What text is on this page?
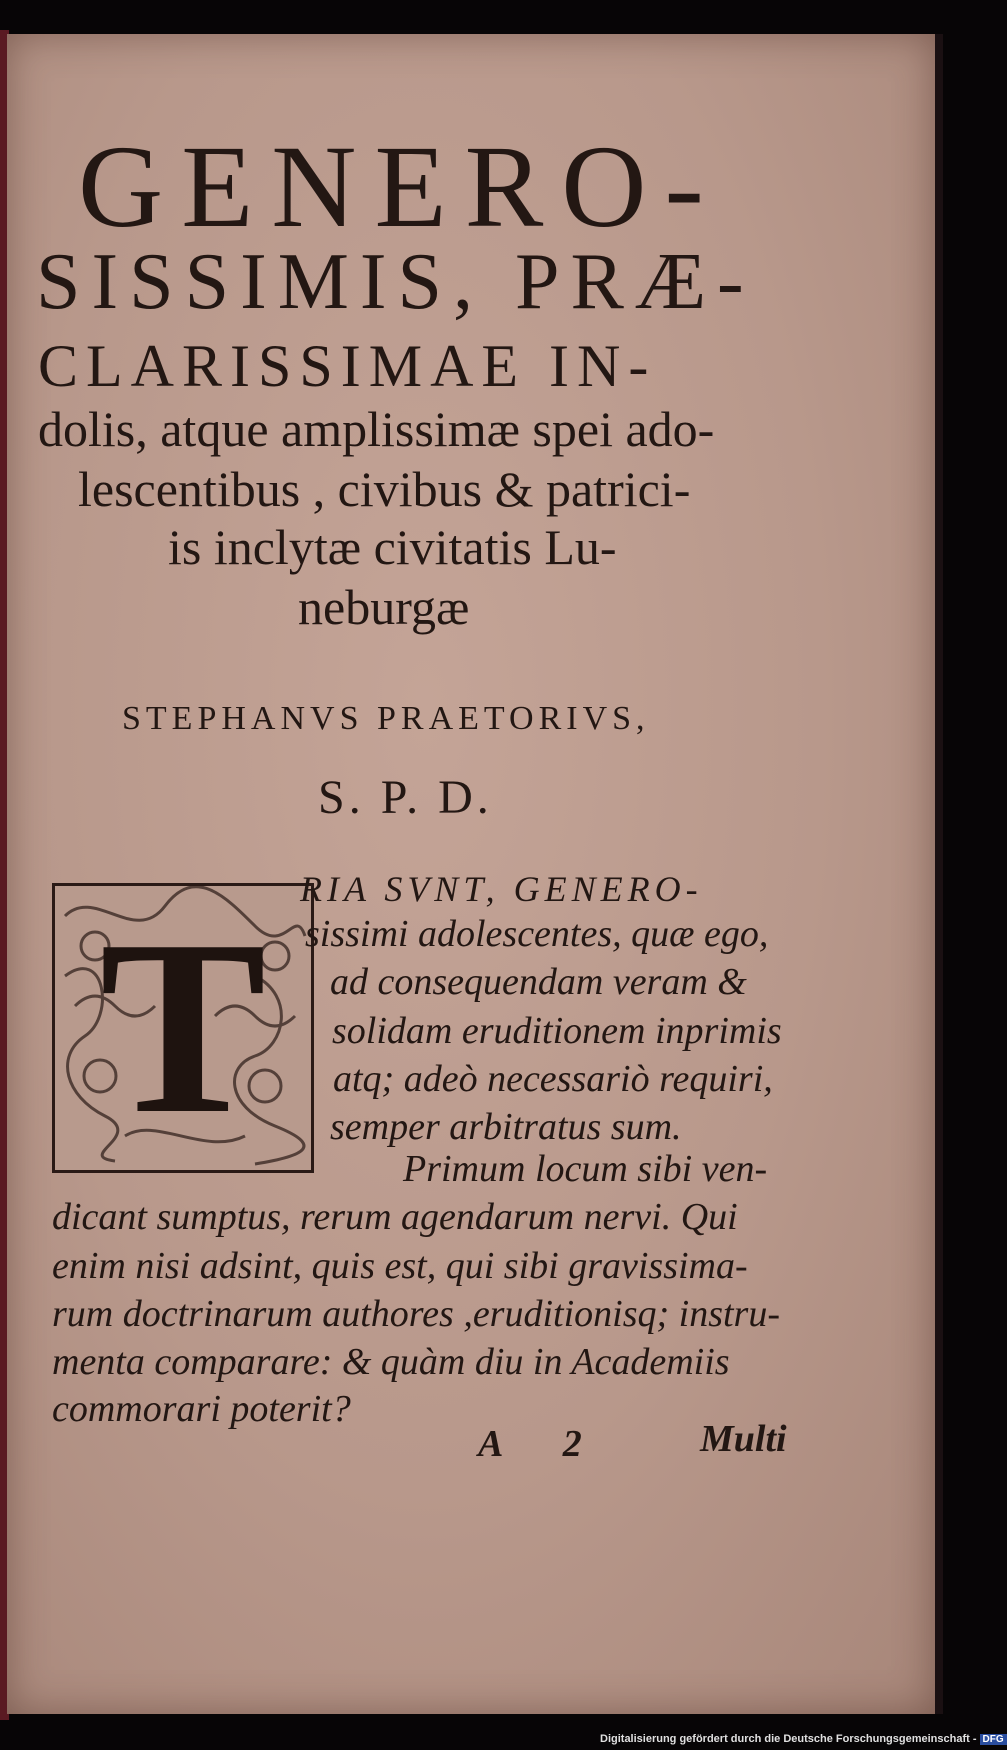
GENERO-
SISSIMIS, PRÆ-
CLARISSIMAE IN-
dolis, atque amplissimæ spei ado-
lescentibus , civibus & patrici-
is inclytæ civitatis Lu-
neburgæ
STEPHANVS PRAETORIVS,
S. P. D.
T RIA SVNT, GENERO-
sissimi adolescentes, quæ ego,
ad consequendam veram &
solidam eruditionem inprimis
atq; adeò necessariò requiri,
semper arbitratus sum.
Primum locum sibi ven-
dicant sumptus, rerum agendarum nervi. Qui
enim nisi adsint, quis est, qui sibi gravissima-
rum doctrinarum authores ,eruditionisq; instru-
menta comparare: & quàm diu in Academiis
commorari poterit?
A 2 Multi
Digitalisierung gefördert durch die Deutsche Forschungsgemeinschaft - DFG
